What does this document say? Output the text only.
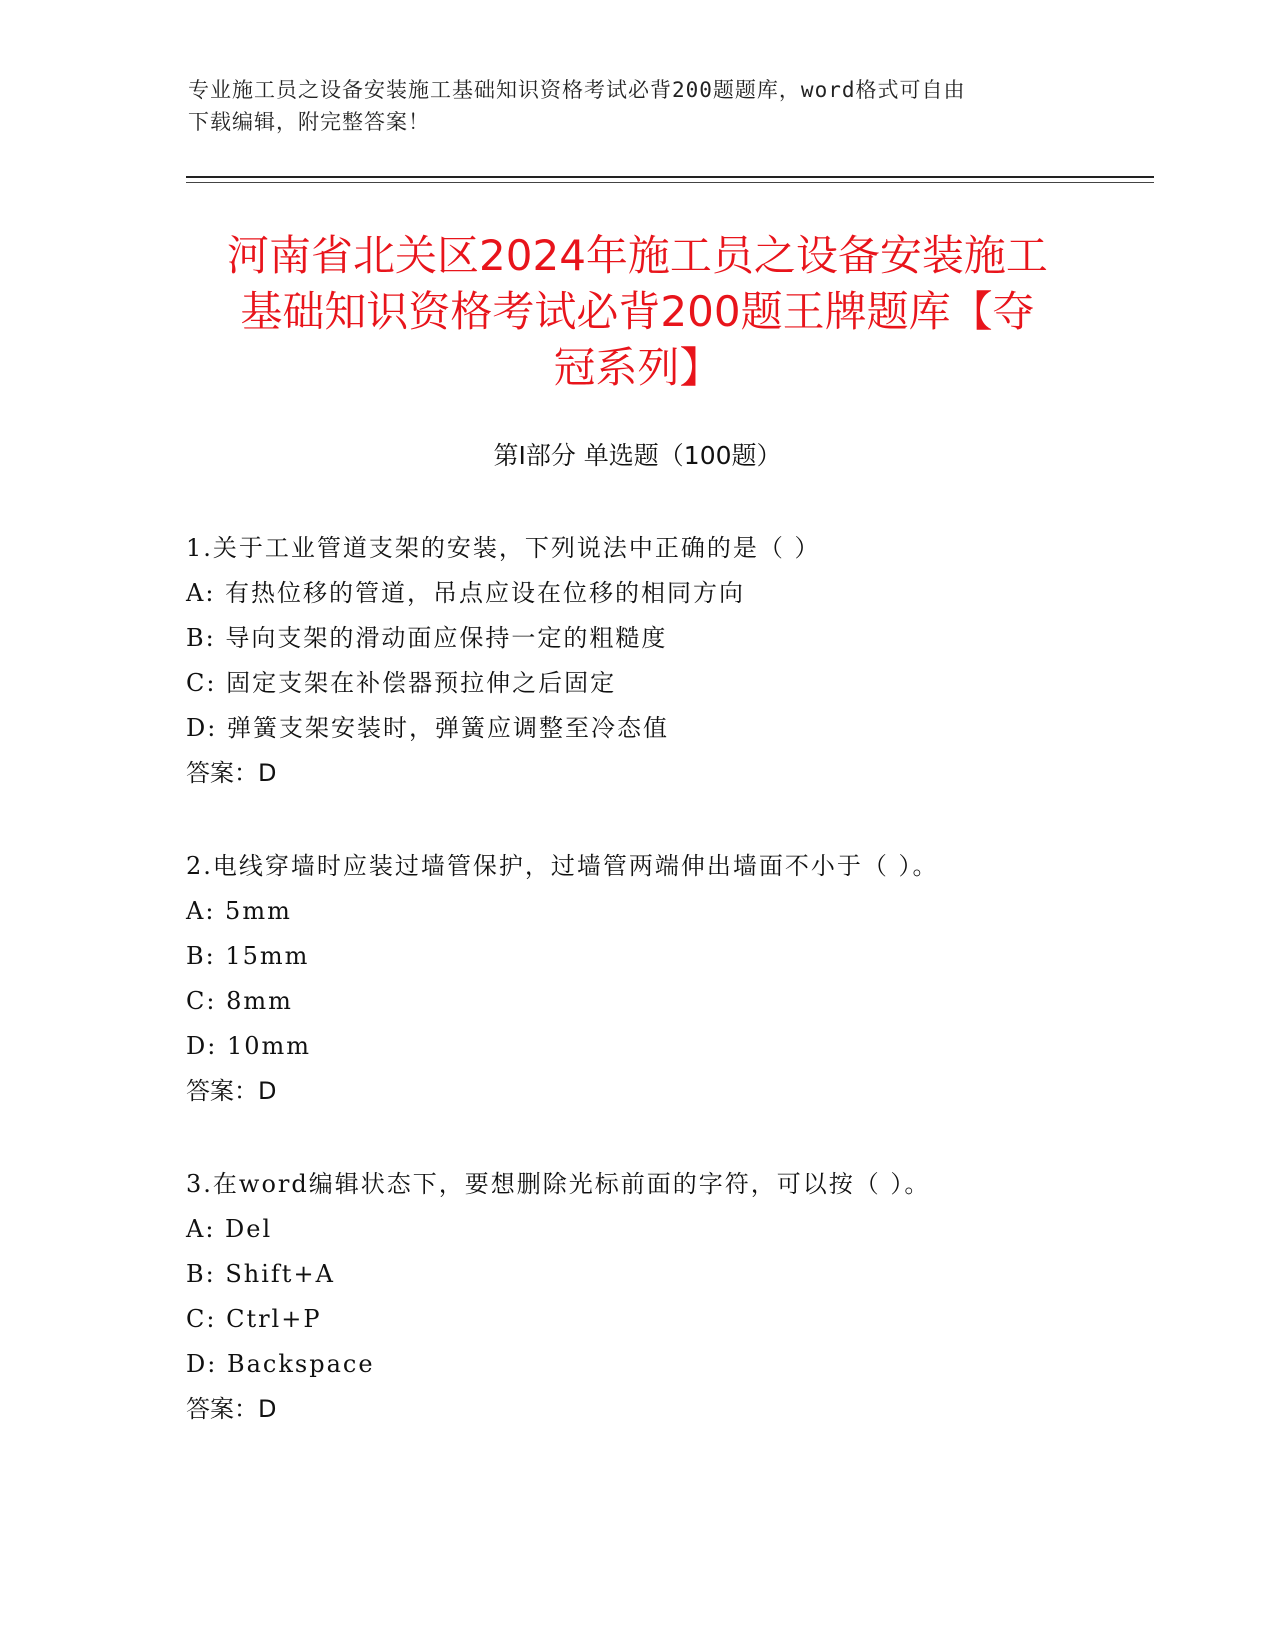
专业施工员之设备安装施工基础知识资格考试必背200题题库，word格式可自由
下载编辑，附完整答案！
河南省北关区2024年施工员之设备安装施工
基础知识资格考试必背200题王牌题库【夺
冠系列】
第I部分 单选题（100题）
1.关于工业管道支架的安装，下列说法中正确的是（ ）
A: 有热位移的管道，吊点应设在位移的相同方向
B: 导向支架的滑动面应保持一定的粗糙度
C: 固定支架在补偿器预拉伸之后固定
D: 弹簧支架安装时，弹簧应调整至冷态值
答案：D
2.电线穿墙时应装过墙管保护，过墙管两端伸出墙面不小于（ ）。
A: 5mm
B: 15mm
C: 8mm
D: 10mm
答案：D
3.在word编辑状态下，要想删除光标前面的字符，可以按（ ）。
A: Del
B: Shift+A
C: Ctrl+P
D: Backspace
答案：D
